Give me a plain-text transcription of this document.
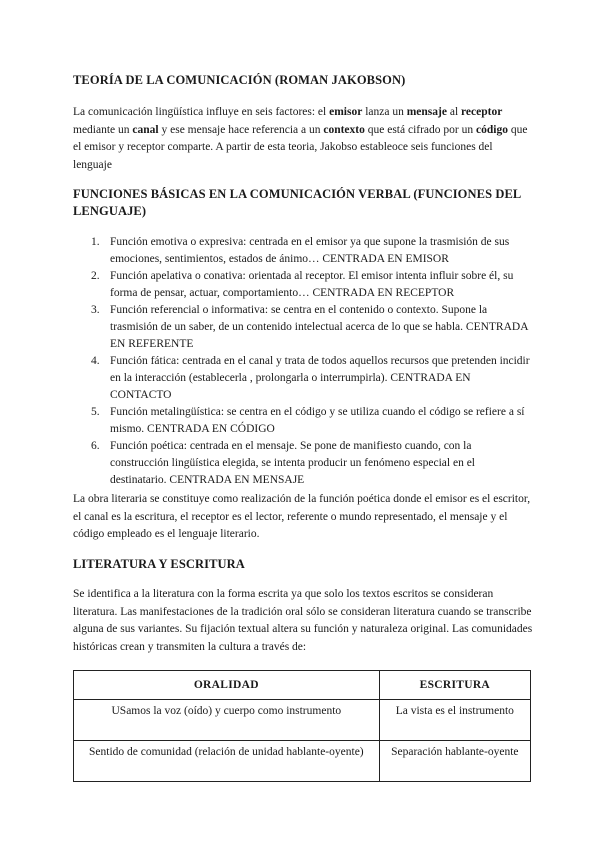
TEORÍA DE LA COMUNICACIÓN (ROMAN JAKOBSON)
La comunicación lingüística influye en seis factores: el emisor lanza un mensaje al receptor mediante un canal y ese mensaje hace referencia a un contexto que está cifrado por un código que el emisor y receptor comparte. A partir de esta teoria, Jakobso estableoce seis funciones del lenguaje
FUNCIONES BÁSICAS EN LA COMUNICACIÓN VERBAL (FUNCIONES DEL LENGUAJE)
1. Función emotiva o expresiva: centrada en el emisor ya que supone la trasmisión de sus emociones, sentimientos, estados de ánimo… CENTRADA EN EMISOR
2. Función apelativa o conativa: orientada al receptor. El emisor intenta influir sobre él, su forma de pensar, actuar, comportamiento… CENTRADA EN RECEPTOR
3. Función referencial o informativa: se centra en el contenido o contexto. Supone la trasmisión de un saber, de un contenido intelectual acerca de lo que se habla. CENTRADA EN REFERENTE
4. Función fática: centrada en el canal y trata de todos aquellos recursos que pretenden incidir en la interacción (establecerla , prolongarla o interrumpirla). CENTRADA EN CONTACTO
5. Función metalingüística: se centra en el código y se utiliza cuando el código se refiere a sí mismo. CENTRADA EN CÓDIGO
6. Función poética: centrada en el mensaje. Se pone de manifiesto cuando, con la construcción lingüística elegida, se intenta producir un fenómeno especial en el destinatario. CENTRADA EN MENSAJE
La obra literaria se constituye como realización de la función poética donde el emisor es el escritor, el canal es la escritura, el receptor es el lector, referente o mundo representado, el mensaje y el código empleado es el lenguaje literario.
LITERATURA Y ESCRITURA
Se identifica a la literatura con la forma escrita ya que solo los textos escritos se consideran literatura. Las manifestaciones de la tradición oral sólo se consideran literatura cuando se transcribe alguna de sus variantes. Su fijación textual altera su función y naturaleza original. Las comunidades históricas crean y transmiten la cultura a través de:
ORALIDAD	ESCRITURA
USamos la voz (oído) y cuerpo como instrumento	La vista es el instrumento
Sentido de comunidad (relación de unidad hablante-oyente)	Separación hablante-oyente
